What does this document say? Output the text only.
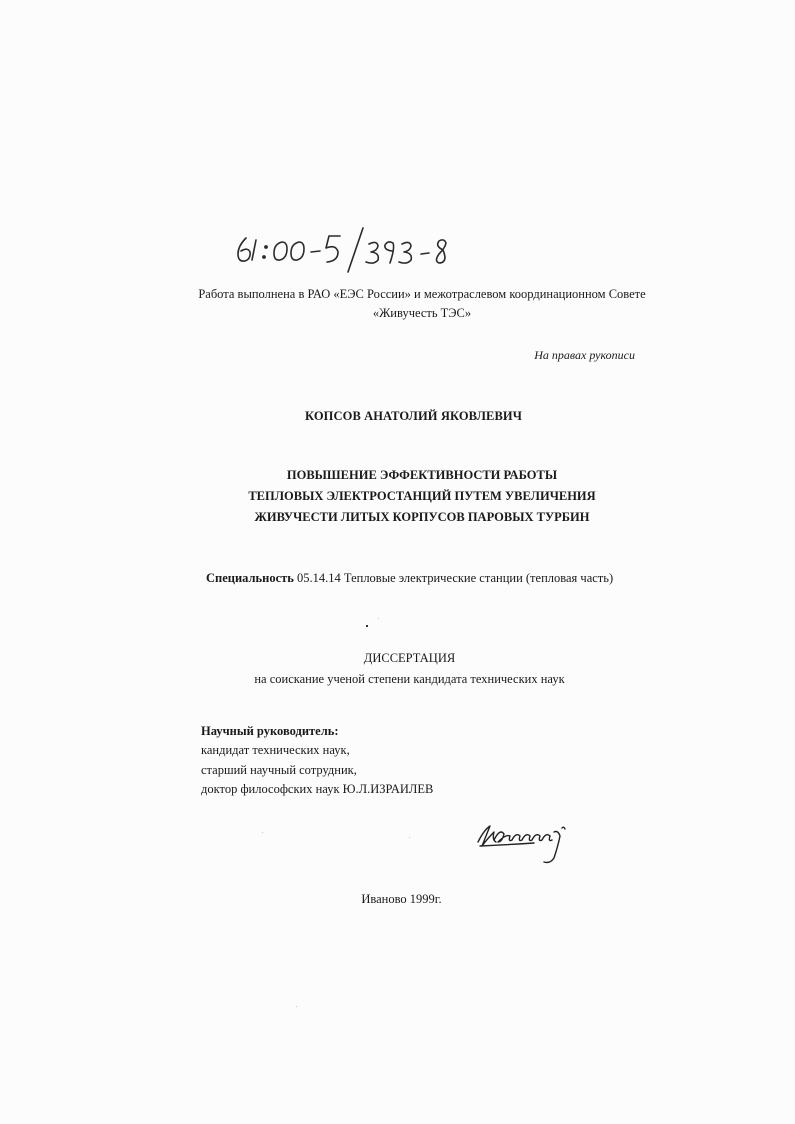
Работа выполнена в РАО «ЕЭС России» и межотраслевом координационном Совете
«Живучесть ТЭС»
На правах рукописи
КОПСОВ АНАТОЛИЙ ЯКОВЛЕВИЧ
ПОВЫШЕНИЕ ЭФФЕКТИВНОСТИ РАБОТЫ
ТЕПЛОВЫХ ЭЛЕКТРОСТАНЦИЙ ПУТЕМ УВЕЛИЧЕНИЯ
ЖИВУЧЕСТИ ЛИТЫХ КОРПУСОВ ПАРОВЫХ ТУРБИН
Специальность 05.14.14 Тепловые электрические станции (тепловая часть)
ДИССЕРТАЦИЯ
на соискание ученой степени кандидата технических наук
Научный руководитель:
кандидат технических наук,
старший научный сотрудник,
доктор философских наук Ю.Л.ИЗРАИЛЕВ
Иваново 1999г.
